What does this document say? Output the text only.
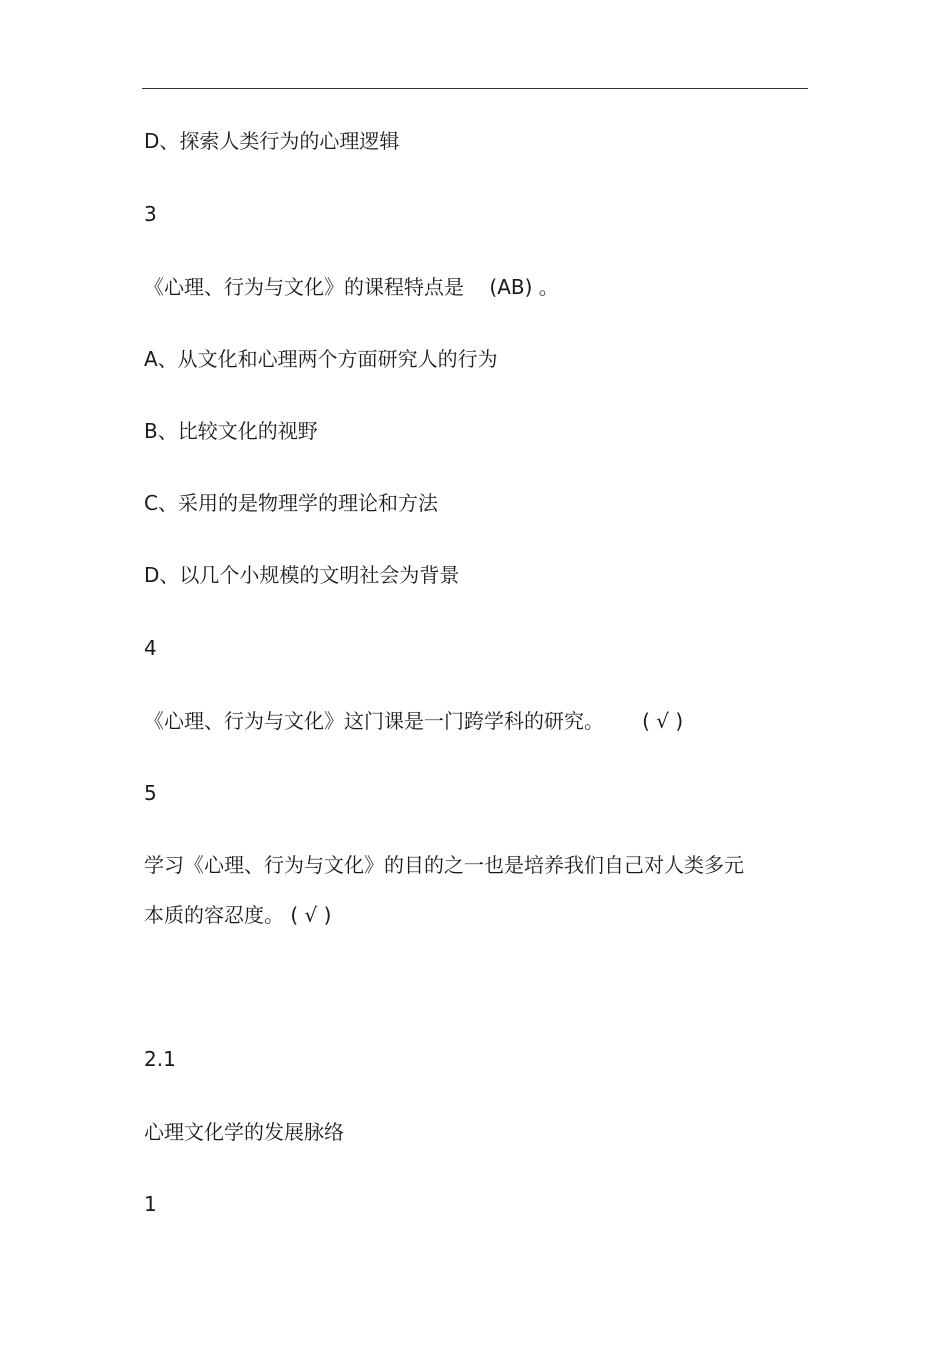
D、探索人类行为的心理逻辑
3
《心理、行为与文化》的课程特点是    (AB) 。
A、从文化和心理两个方面研究人的行为
B、比较文化的视野
C、采用的是物理学的理论和方法
D、以几个小规模的文明社会为背景
4
《心理、行为与文化》这门课是一门跨学科的研究。      ( √ )
5
学习《心理、行为与文化》的目的之一也是培养我们自己对人类多元
本质的容忍度。 ( √ )
2.1
心理文化学的发展脉络
1
